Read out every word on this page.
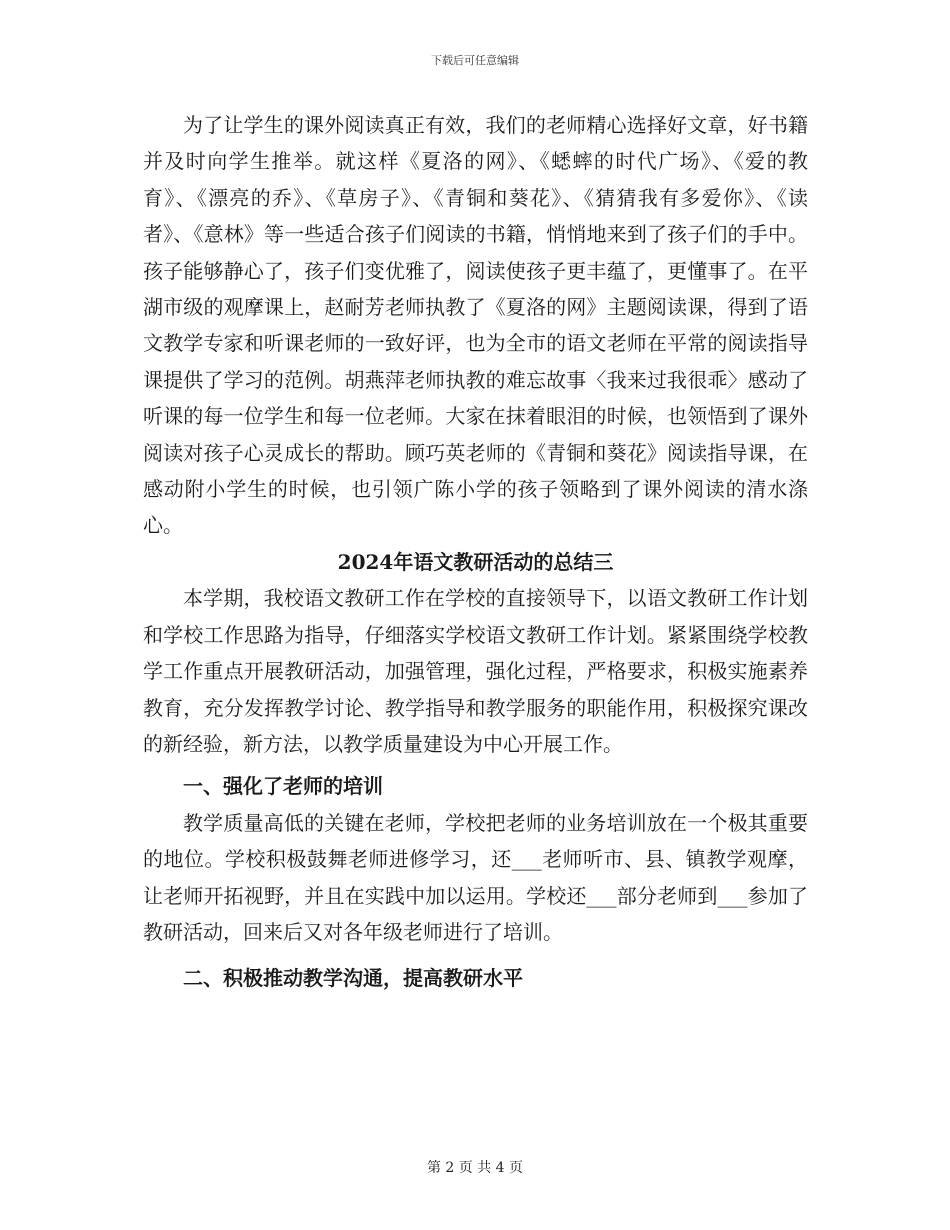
下载后可任意编辑

为了让学生的课外阅读真正有效，我们的老师精心选择好文章，好书籍并及时向学生推举。就这样《夏洛的网》、《蟋蟀的时代广场》、《爱的教育》、《漂亮的乔》、《草房子》、《青铜和葵花》、《猜猜我有多爱你》、《读者》、《意林》等一些适合孩子们阅读的书籍，悄悄地来到了孩子们的手中。孩子能够静心了，孩子们变优雅了，阅读使孩子更丰蕴了，更懂事了。在平湖市级的观摩课上，赵耐芳老师执教了《夏洛的网》主题阅读课，得到了语文教学专家和听课老师的一致好评，也为全市的语文老师在平常的阅读指导课提供了学习的范例。胡燕萍老师执教的难忘故事〈我来过我很乖〉感动了听课的每一位学生和每一位老师。大家在抹着眼泪的时候，也领悟到了课外阅读对孩子心灵成长的帮助。顾巧英老师的《青铜和葵花》阅读指导课，在感动附小学生的时候，也引领广陈小学的孩子领略到了课外阅读的清水涤心。

2024年语文教研活动的总结三

本学期，我校语文教研工作在学校的直接领导下，以语文教研工作计划和学校工作思路为指导，仔细落实学校语文教研工作计划。紧紧围绕学校教学工作重点开展教研活动，加强管理，强化过程，严格要求，积极实施素养教育，充分发挥教学讨论、教学指导和教学服务的职能作用，积极探究课改的新经验，新方法，以教学质量建设为中心开展工作。

一、强化了老师的培训

教学质量高低的关键在老师，学校把老师的业务培训放在一个极其重要的地位。学校积极鼓舞老师进修学习，还___老师听市、县、镇教学观摩，让老师开拓视野，并且在实践中加以运用。学校还___部分老师到___参加了教研活动，回来后又对各年级老师进行了培训。

二、积极推动教学沟通，提高教研水平
第 2 页 共 4 页
